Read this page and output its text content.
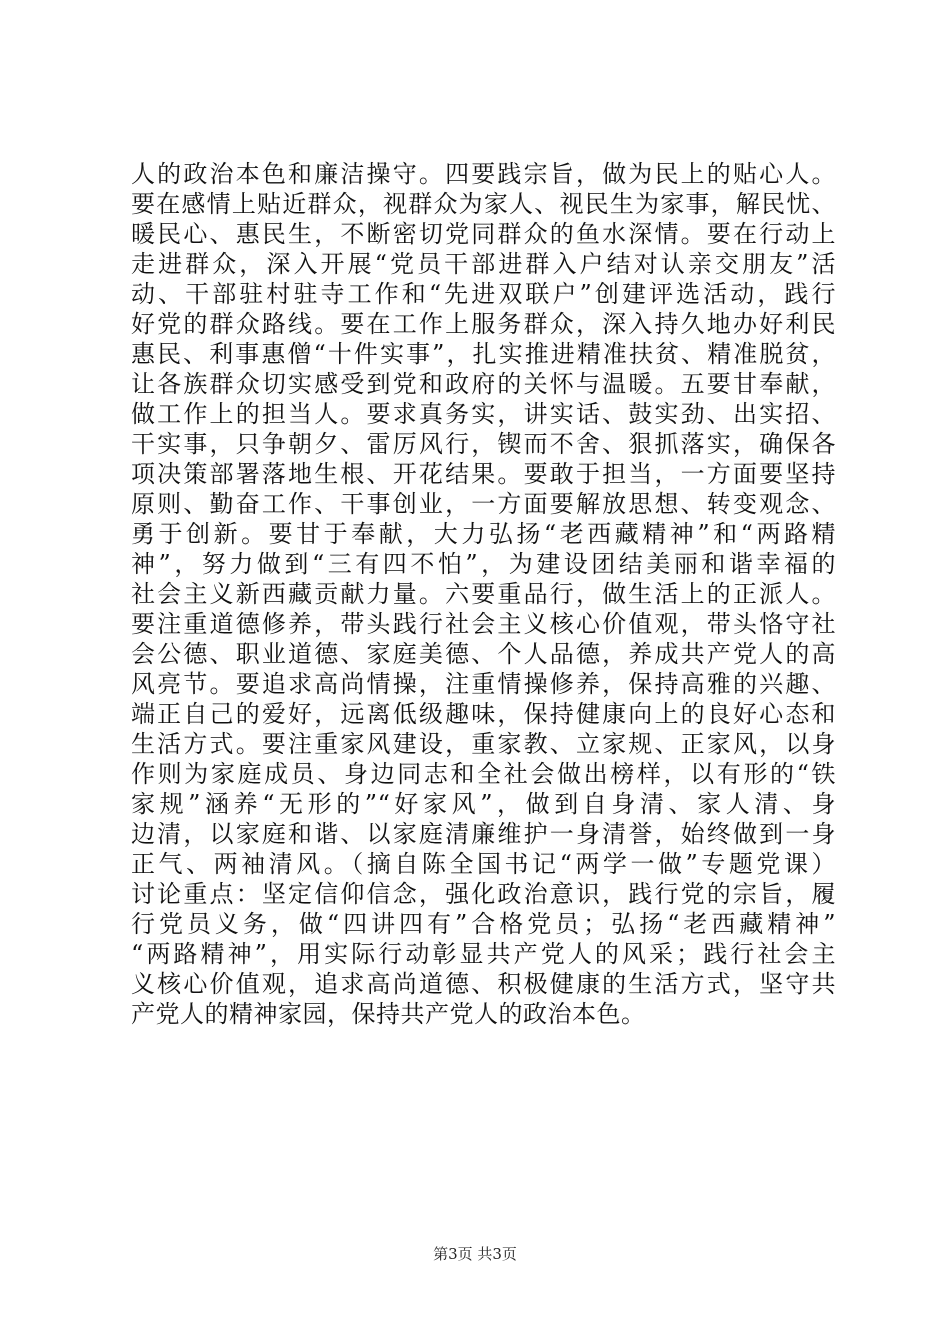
人的政治本色和廉洁操守。四要践宗旨，做为民上的贴心人。
要在感情上贴近群众，视群众为家人、视民生为家事，解民忧、
暖民心、惠民生，不断密切党同群众的鱼水深情。要在行动上
走进群众，深入开展“党员干部进群入户结对认亲交朋友”活
动、干部驻村驻寺工作和“先进双联户”创建评选活动，践行
好党的群众路线。要在工作上服务群众，深入持久地办好利民
惠民、利事惠僧“十件实事”，扎实推进精准扶贫、精准脱贫，
让各族群众切实感受到党和政府的关怀与温暖。五要甘奉献，
做工作上的担当人。要求真务实，讲实话、鼓实劲、出实招、
干实事，只争朝夕、雷厉风行，锲而不舍、狠抓落实，确保各
项决策部署落地生根、开花结果。要敢于担当，一方面要坚持
原则、勤奋工作、干事创业，一方面要解放思想、转变观念、
勇于创新。要甘于奉献，大力弘扬“老西藏精神”和“两路精
神”，努力做到“三有四不怕”，为建设团结美丽和谐幸福的
社会主义新西藏贡献力量。六要重品行，做生活上的正派人。
要注重道德修养，带头践行社会主义核心价值观，带头恪守社
会公德、职业道德、家庭美德、个人品德，养成共产党人的高
风亮节。要追求高尚情操，注重情操修养，保持高雅的兴趣、
端正自己的爱好，远离低级趣味，保持健康向上的良好心态和
生活方式。要注重家风建设，重家教、立家规、正家风，以身
作则为家庭成员、身边同志和全社会做出榜样，以有形的“铁
家规”涵养“无形的”“好家风”，做到自身清、家人清、身
边清，以家庭和谐、以家庭清廉维护一身清誉，始终做到一身
正气、两袖清风。（摘自陈全国书记“两学一做”专题党课）
讨论重点：坚定信仰信念，强化政治意识，践行党的宗旨，履
行党员义务，做“四讲四有”合格党员；弘扬“老西藏精神”
“两路精神”，用实际行动彰显共产党人的风采；践行社会主
义核心价值观，追求高尚道德、积极健康的生活方式，坚守共
产党人的精神家园，保持共产党人的政治本色。
第3页 共3页
